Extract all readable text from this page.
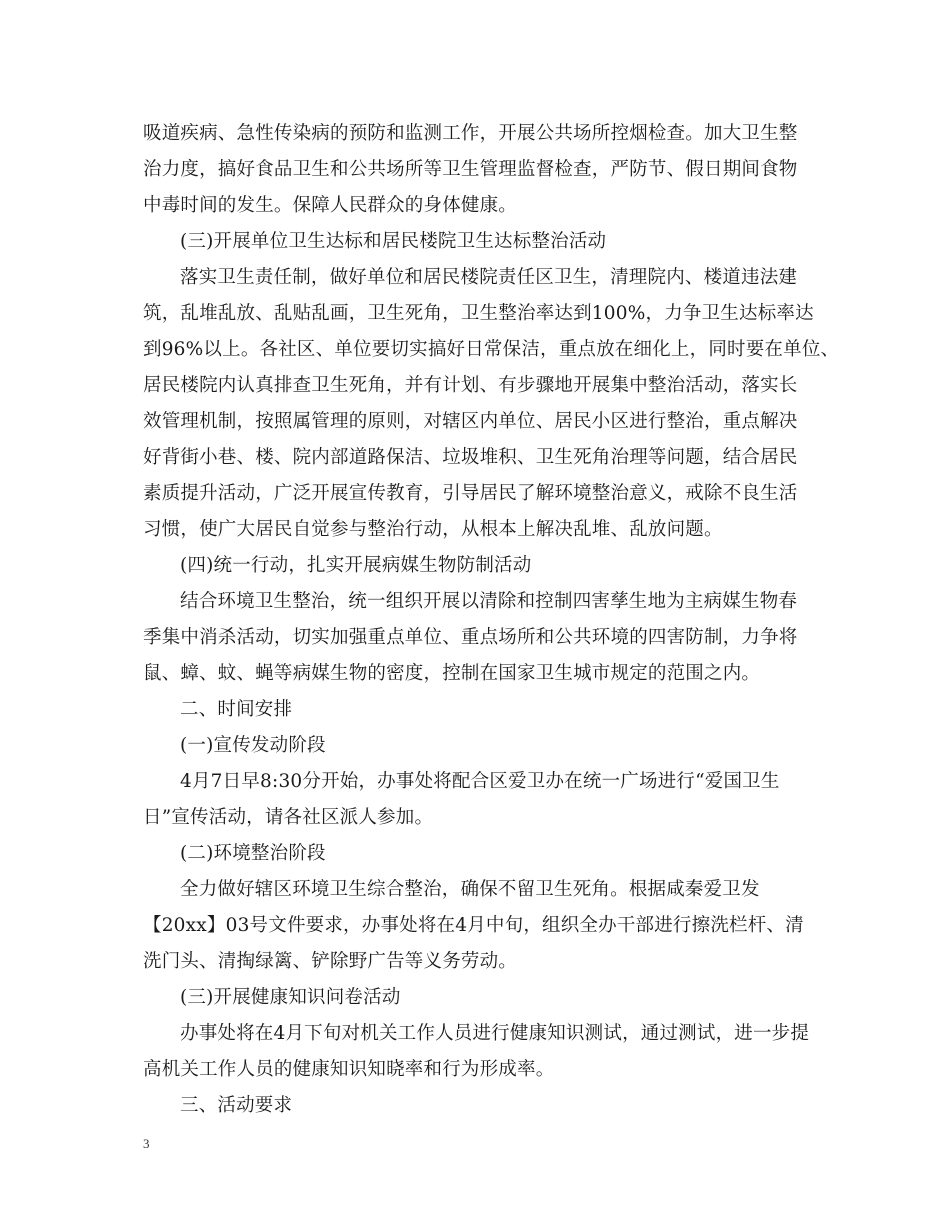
吸道疾病、急性传染病的预防和监测工作，开展公共场所控烟检查。加大卫生整
治力度，搞好食品卫生和公共场所等卫生管理监督检查，严防节、假日期间食物
中毒时间的发生。保障人民群众的身体健康。
(三)开展单位卫生达标和居民楼院卫生达标整治活动
落实卫生责任制，做好单位和居民楼院责任区卫生，清理院内、楼道违法建
筑，乱堆乱放、乱贴乱画，卫生死角，卫生整治率达到100%，力争卫生达标率达
到96%以上。各社区、单位要切实搞好日常保洁，重点放在细化上，同时要在单位、
居民楼院内认真排查卫生死角，并有计划、有步骤地开展集中整治活动，落实长
效管理机制，按照属管理的原则，对辖区内单位、居民小区进行整治，重点解决
好背街小巷、楼、院内部道路保洁、垃圾堆积、卫生死角治理等问题，结合居民
素质提升活动，广泛开展宣传教育，引导居民了解环境整治意义，戒除不良生活
习惯，使广大居民自觉参与整治行动，从根本上解决乱堆、乱放问题。
(四)统一行动，扎实开展病媒生物防制活动
结合环境卫生整治，统一组织开展以清除和控制四害孳生地为主病媒生物春
季集中消杀活动，切实加强重点单位、重点场所和公共环境的四害防制，力争将
鼠、蟑、蚊、蝇等病媒生物的密度，控制在国家卫生城市规定的范围之内。
二、时间安排
(一)宣传发动阶段
4月7日早8:30分开始，办事处将配合区爱卫办在统一广场进行“爱国卫生
日”宣传活动，请各社区派人参加。
(二)环境整治阶段
全力做好辖区环境卫生综合整治，确保不留卫生死角。根据咸秦爱卫发
【20xx】03号文件要求，办事处将在4月中旬，组织全办干部进行擦洗栏杆、清
洗门头、清掏绿篱、铲除野广告等义务劳动。
(三)开展健康知识问卷活动
办事处将在4月下旬对机关工作人员进行健康知识测试，通过测试，进一步提
高机关工作人员的健康知识知晓率和行为形成率。
三、活动要求
3
